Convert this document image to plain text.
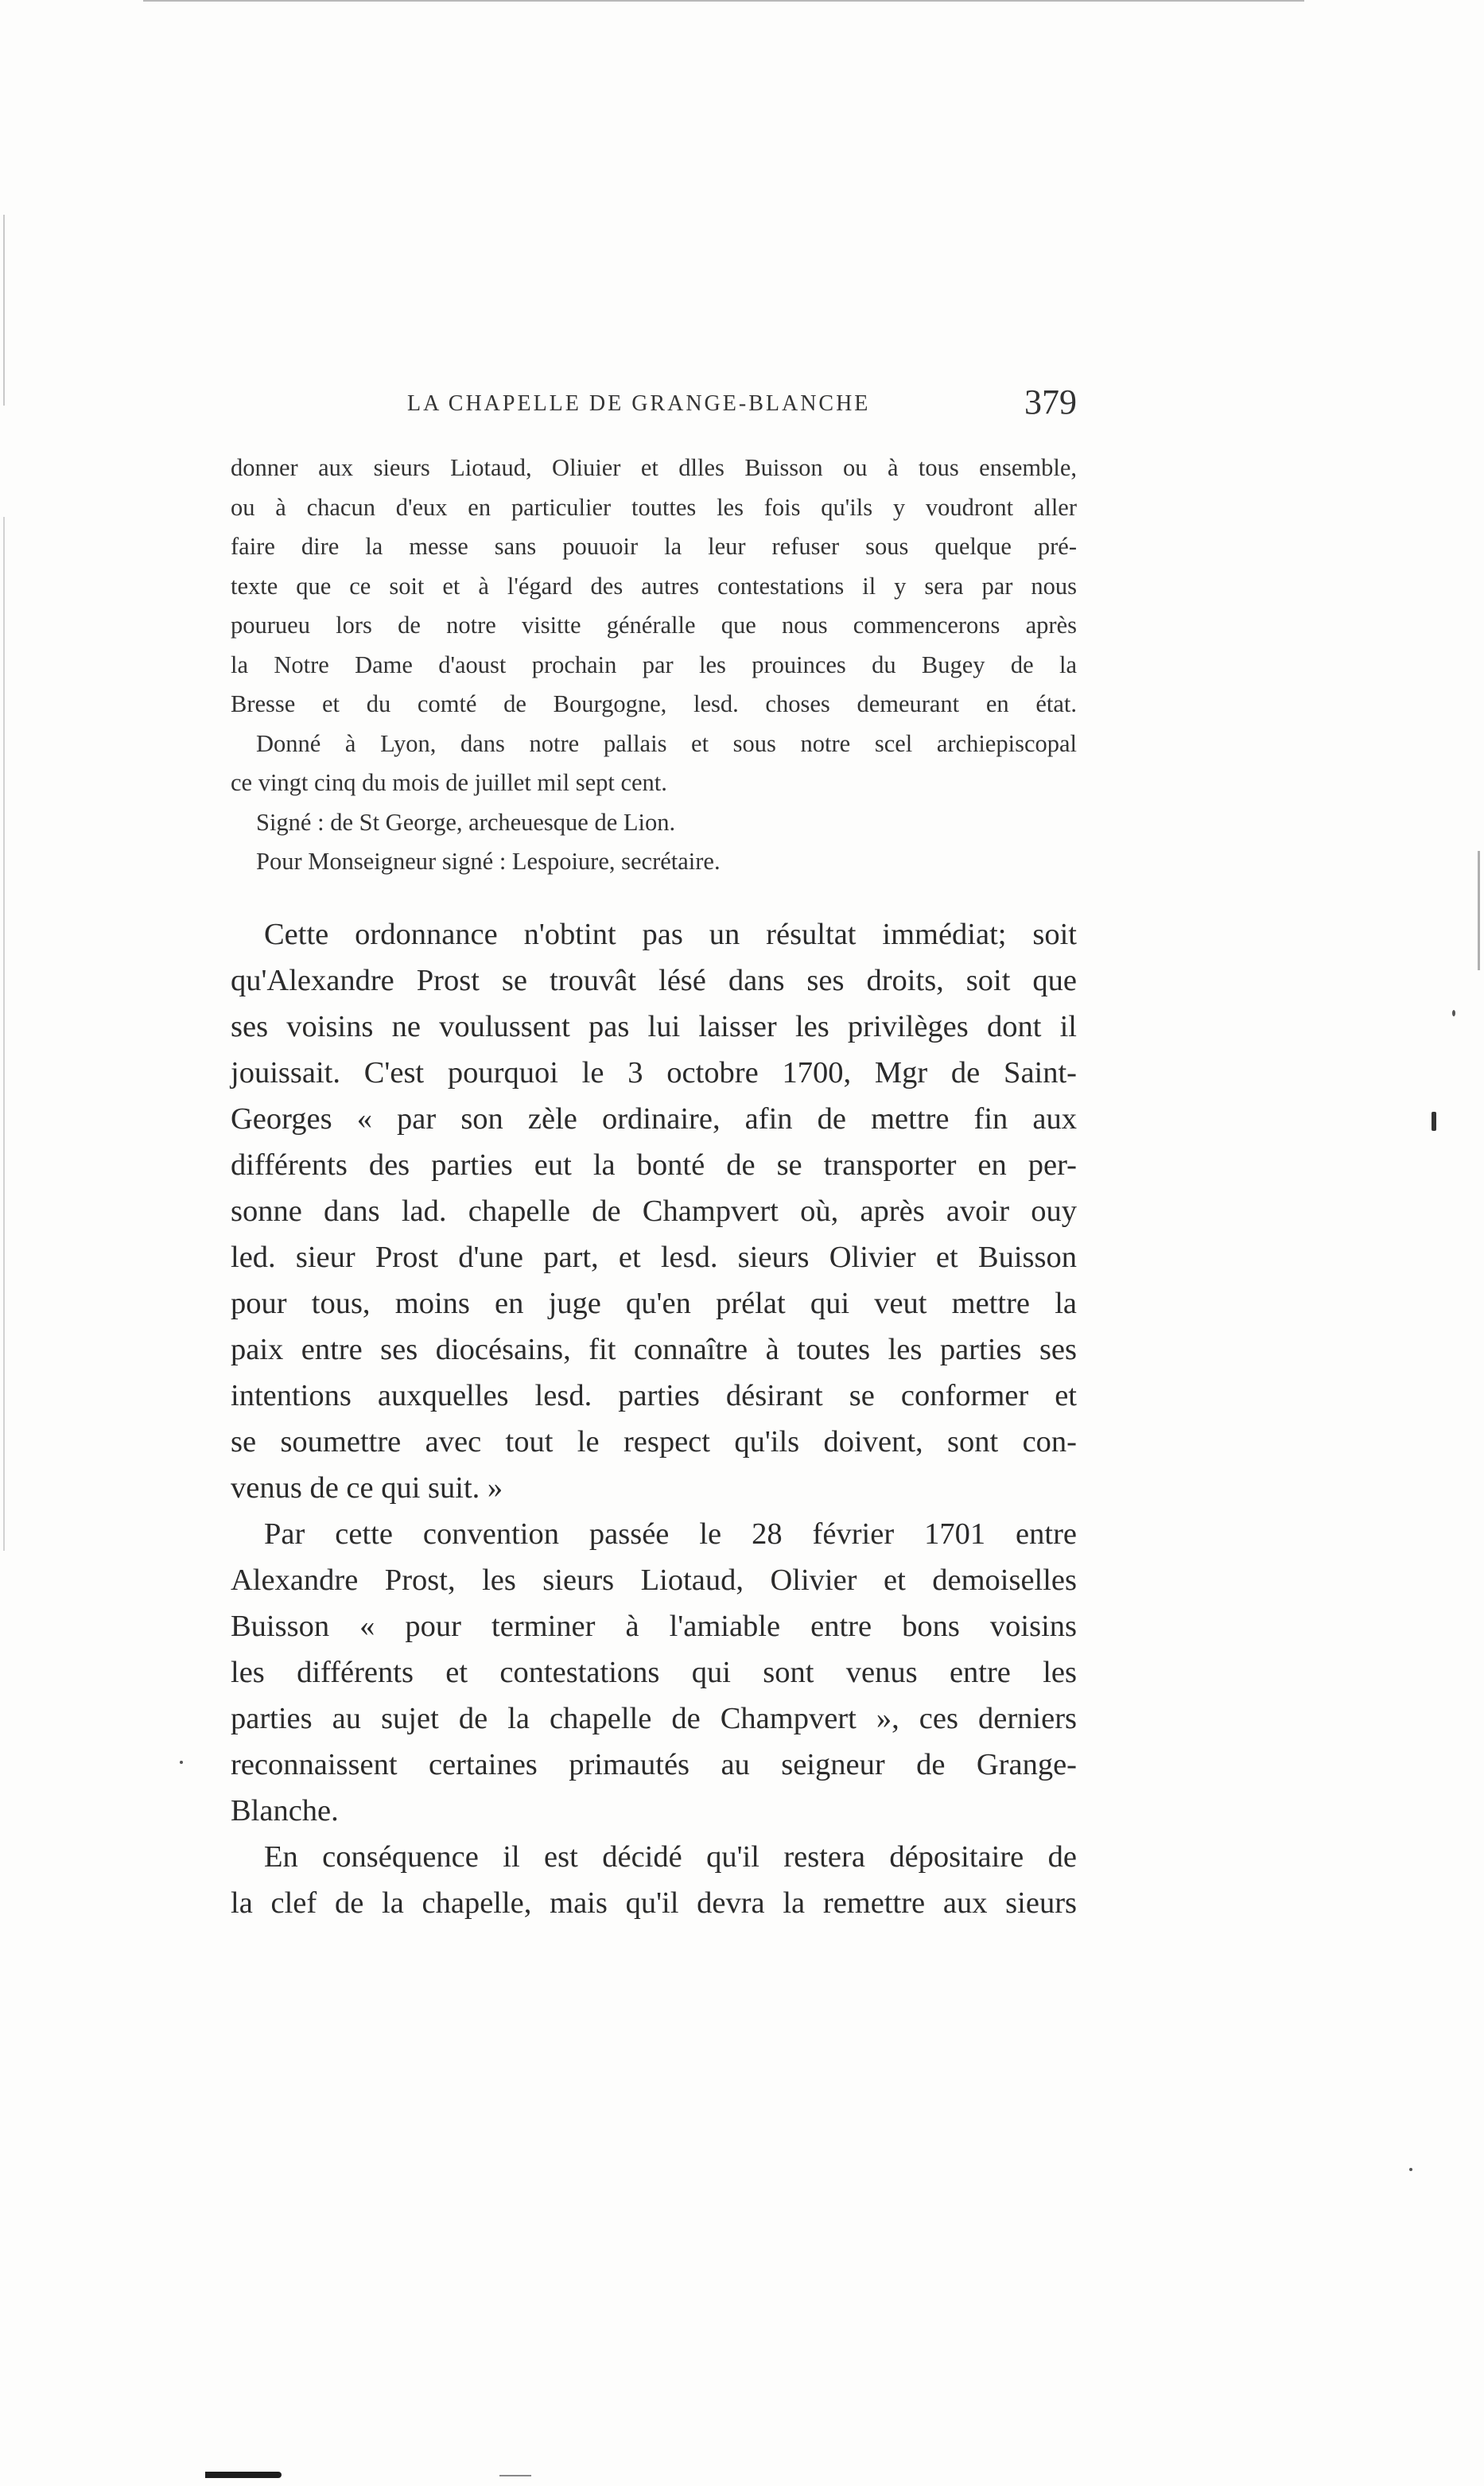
LA CHAPELLE DE GRANGE-BLANCHE	379

donner aux sieurs Liotaud, Oliuier et dlles Buisson ou à tous ensemble,

ou à chacun d'eux en particulier touttes les fois qu'ils y voudront aller

faire dire la messe sans pouuoir la leur refuser sous quelque pré-

texte que ce soit et à l'égard des autres contestations il y sera par nous

pourueu lors de notre visitte généralle que nous commencerons après

la Notre Dame d'aoust prochain par les prouinces du Bugey de la

Bresse et du comté de Bourgogne, lesd. choses demeurant en état.

Donné à Lyon, dans notre pallais et sous notre scel archiepiscopal

ce vingt cinq du mois de juillet mil sept cent.

Signé : de St George, archeuesque de Lion.

Pour Monseigneur signé : Lespoiure, secrétaire.

Cette ordonnance n'obtint pas un résultat immédiat; soit

qu'Alexandre Prost se trouvât lésé dans ses droits, soit que

ses voisins ne voulussent pas lui laisser les privilèges dont il

jouissait. C'est pourquoi le 3 octobre 1700, Mgr de Saint-

Georges « par son zèle ordinaire, afin de mettre fin aux

différents des parties eut la bonté de se transporter en per-

sonne dans lad. chapelle de Champvert où, après avoir ouy

led. sieur Prost d'une part, et lesd. sieurs Olivier et Buisson

pour tous, moins en juge qu'en prélat qui veut mettre la

paix entre ses diocésains, fit connaître à toutes les parties ses

intentions auxquelles lesd. parties désirant se conformer et

se soumettre avec tout le respect qu'ils doivent, sont con-

venus de ce qui suit. »

Par cette convention passée le 28 février 1701 entre

Alexandre Prost, les sieurs Liotaud, Olivier et demoiselles

Buisson « pour terminer à l'amiable entre bons voisins

les différents et contestations qui sont venus entre les

parties au sujet de la chapelle de Champvert », ces derniers

reconnaissent certaines primautés au seigneur de Grange-

Blanche.

En conséquence il est décidé qu'il restera dépositaire de

la clef de la chapelle, mais qu'il devra la remettre aux sieurs
